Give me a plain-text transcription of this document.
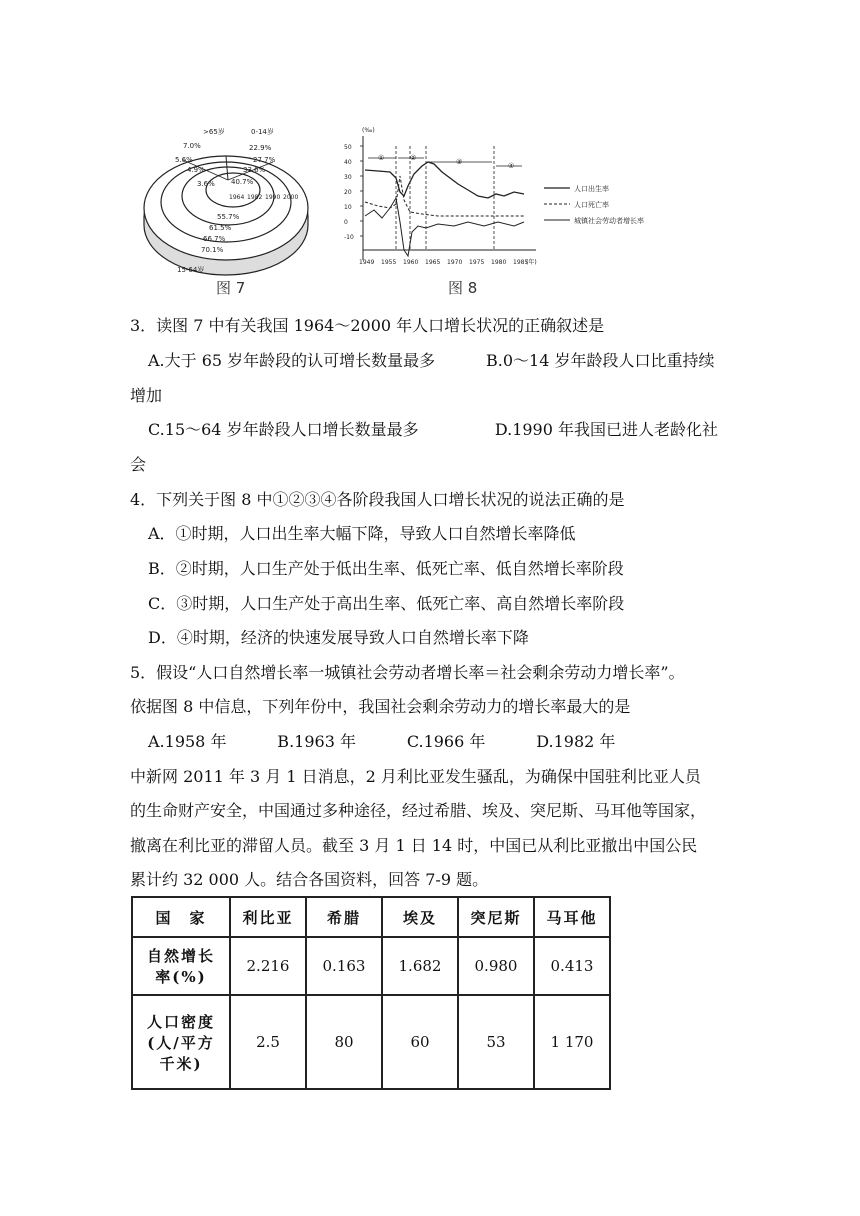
>65岁	0-14岁
7.0%
5.6%
4.9%
3.6%
22.9%
27.7%
33.6%
40.7%
1964 1982 1990 2000
55.7%
61.5%
66.7%
70.1%
15-64岁
图 7
(‰)
50
40
30
20
10
0
-10
1949 1955 1960 1965 1970 1975 1980 1985
①	②	③	④
人口出生率
人口死亡率
城镇社会劳动者增长率
(年)
图 8
3．读图 7 中有关我国 1964～2000 年人口增长状况的正确叙述是
A.大于 65 岁年龄段的认可增长数量最多          B.0～14 岁年龄段人口比重持续
增加
C.15～64 岁年龄段人口增长数量最多               D.1990 年我国已进人老龄化社
会
4．下列关于图 8 中①②③④各阶段我国人口增长状况的说法正确的是
A．①时期，人口出生率大幅下降，导致人口自然增长率降低
B．②时期，人口生产处于低出生率、低死亡率、低自然增长率阶段
C．③时期，人口生产处于高出生率、低死亡率、高自然增长率阶段
D．④时期，经济的快速发展导致人口自然增长率下降
5．假设“人口自然增长率一城镇社会劳动者增长率＝社会剩余劳动力增长率”。
依据图 8 中信息，下列年份中，我国社会剩余劳动力的增长率最大的是
A.1958 年          B.1963 年          C.1966 年          D.1982 年
中新网 2011 年 3 月 1 日消息，2 月利比亚发生骚乱，为确保中国驻利比亚人员
的生命财产安全，中国通过多种途径，经过希腊、埃及、突尼斯、马耳他等国家，
撤离在利比亚的滞留人员。截至 3 月 1 日 14 时，中国已从利比亚撤出中国公民
累计约 32 000 人。结合各国资料，回答 7-9 题。
国　家	利比亚	希腊	埃及	突尼斯	马耳他

自然增长
率(%)	2.216	0.163	1.682	0.980	0.413

人口密度
(人/平方
千米)	2.5	80	60	53	1 170
